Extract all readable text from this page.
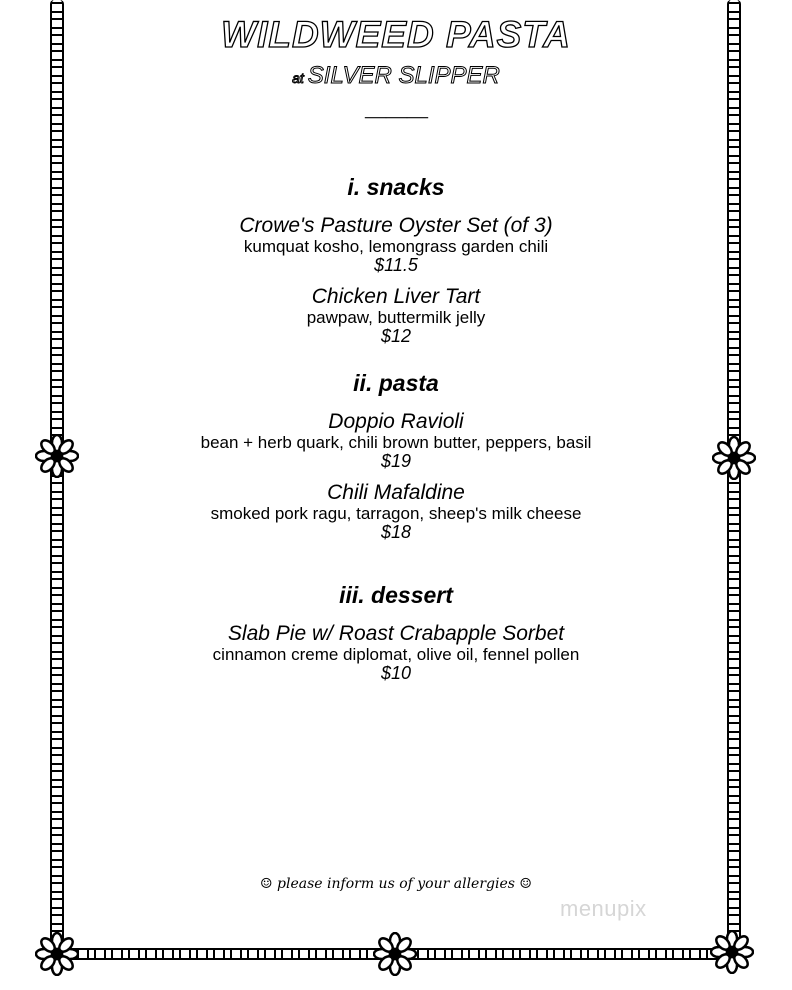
WILDWEED PASTA
at SILVER SLIPPER
⸺⸺⸺
i. snacks
Crowe's Pasture Oyster Set (of 3)
kumquat kosho, lemongrass garden chili
$11.5
Chicken Liver Tart
pawpaw, buttermilk jelly
$12
ii. pasta
Doppio Ravioli
bean + herb quark, chili brown butter, peppers, basil
$19
Chili Mafaldine
smoked pork ragu, tarragon, sheep's milk cheese
$18
iii. dessert
Slab Pie w/ Roast Crabapple Sorbet
cinnamon creme diplomat, olive oil, fennel pollen
$10
☺ please inform us of your allergies ☺
menupix
